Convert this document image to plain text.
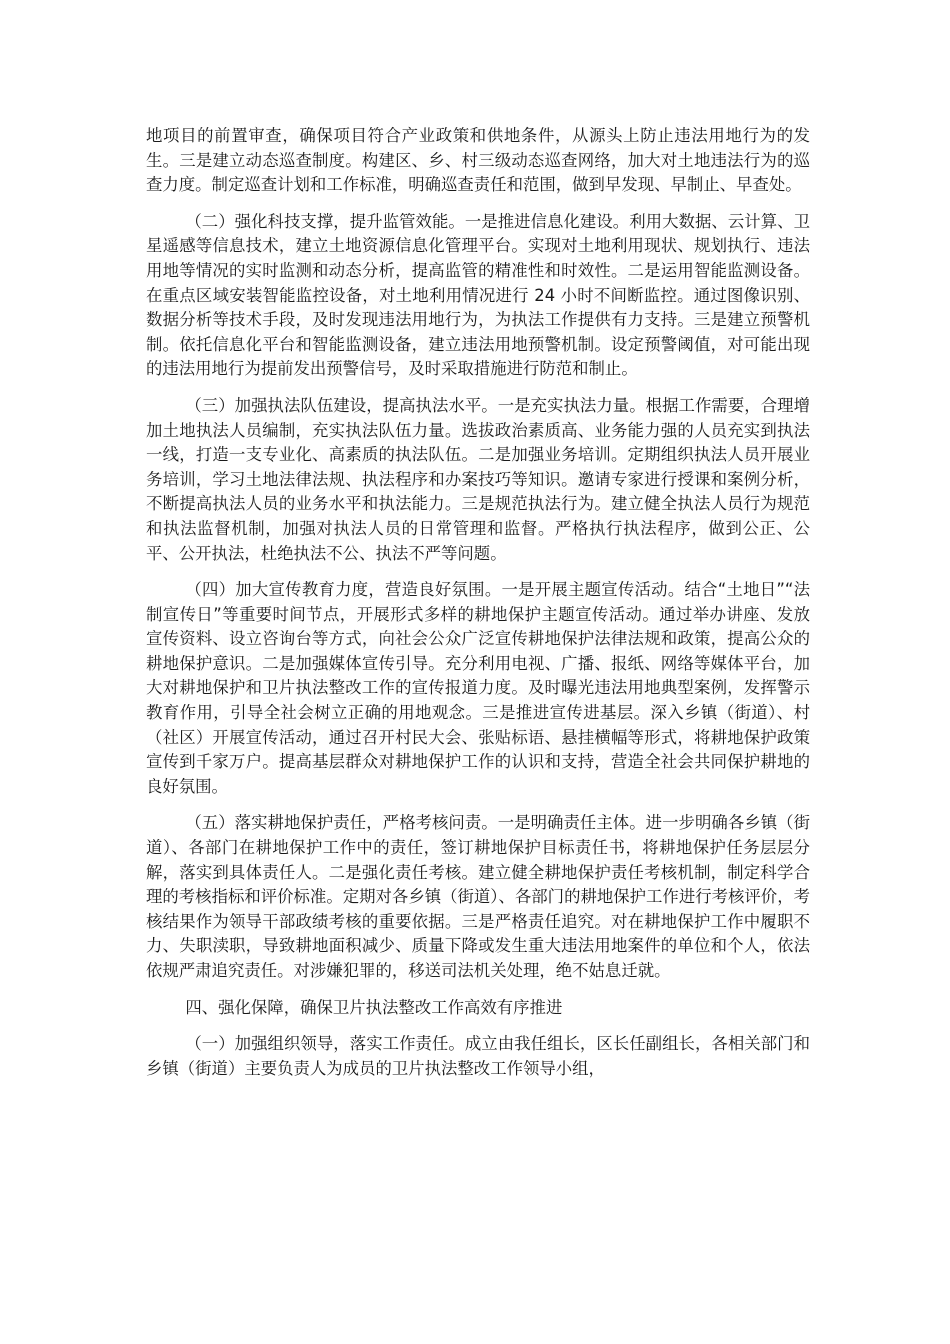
地项目的前置审查，确保项目符合产业政策和供地条件，从源头上防止违法用地行为的发生。三是建立动态巡查制度。构建区、乡、村三级动态巡查网络，加大对土地违法行为的巡查力度。制定巡查计划和工作标准，明确巡查责任和范围，做到早发现、早制止、早查处。

（二）强化科技支撑，提升监管效能。一是推进信息化建设。利用大数据、云计算、卫星遥感等信息技术，建立土地资源信息化管理平台。实现对土地利用现状、规划执行、违法用地等情况的实时监测和动态分析，提高监管的精准性和时效性。二是运用智能监测设备。在重点区域安装智能监控设备，对土地利用情况进行 24 小时不间断监控。通过图像识别、数据分析等技术手段，及时发现违法用地行为，为执法工作提供有力支持。三是建立预警机制。依托信息化平台和智能监测设备，建立违法用地预警机制。设定预警阈值，对可能出现的违法用地行为提前发出预警信号，及时采取措施进行防范和制止。

（三）加强执法队伍建设，提高执法水平。一是充实执法力量。根据工作需要，合理增加土地执法人员编制，充实执法队伍力量。选拔政治素质高、业务能力强的人员充实到执法一线，打造一支专业化、高素质的执法队伍。二是加强业务培训。定期组织执法人员开展业务培训，学习土地法律法规、执法程序和办案技巧等知识。邀请专家进行授课和案例分析，不断提高执法人员的业务水平和执法能力。三是规范执法行为。建立健全执法人员行为规范和执法监督机制，加强对执法人员的日常管理和监督。严格执行执法程序，做到公正、公平、公开执法，杜绝执法不公、执法不严等问题。

（四）加大宣传教育力度，营造良好氛围。一是开展主题宣传活动。结合“土地日”“法制宣传日”等重要时间节点，开展形式多样的耕地保护主题宣传活动。通过举办讲座、发放宣传资料、设立咨询台等方式，向社会公众广泛宣传耕地保护法律法规和政策，提高公众的耕地保护意识。二是加强媒体宣传引导。充分利用电视、广播、报纸、网络等媒体平台，加大对耕地保护和卫片执法整改工作的宣传报道力度。及时曝光违法用地典型案例，发挥警示教育作用，引导全社会树立正确的用地观念。三是推进宣传进基层。深入乡镇（街道）、村（社区）开展宣传活动，通过召开村民大会、张贴标语、悬挂横幅等形式，将耕地保护政策宣传到千家万户。提高基层群众对耕地保护工作的认识和支持，营造全社会共同保护耕地的良好氛围。

（五）落实耕地保护责任，严格考核问责。一是明确责任主体。进一步明确各乡镇（街道）、各部门在耕地保护工作中的责任，签订耕地保护目标责任书，将耕地保护任务层层分解，落实到具体责任人。二是强化责任考核。建立健全耕地保护责任考核机制，制定科学合理的考核指标和评价标准。定期对各乡镇（街道）、各部门的耕地保护工作进行考核评价，考核结果作为领导干部政绩考核的重要依据。三是严格责任追究。对在耕地保护工作中履职不力、失职渎职，导致耕地面积减少、质量下降或发生重大违法用地案件的单位和个人，依法依规严肃追究责任。对涉嫌犯罪的，移送司法机关处理，绝不姑息迁就。

四、强化保障，确保卫片执法整改工作高效有序推进

（一）加强组织领导，落实工作责任。成立由我任组长，区长任副组长，各相关部门和乡镇（街道）主要负责人为成员的卫片执法整改工作领导小组，
